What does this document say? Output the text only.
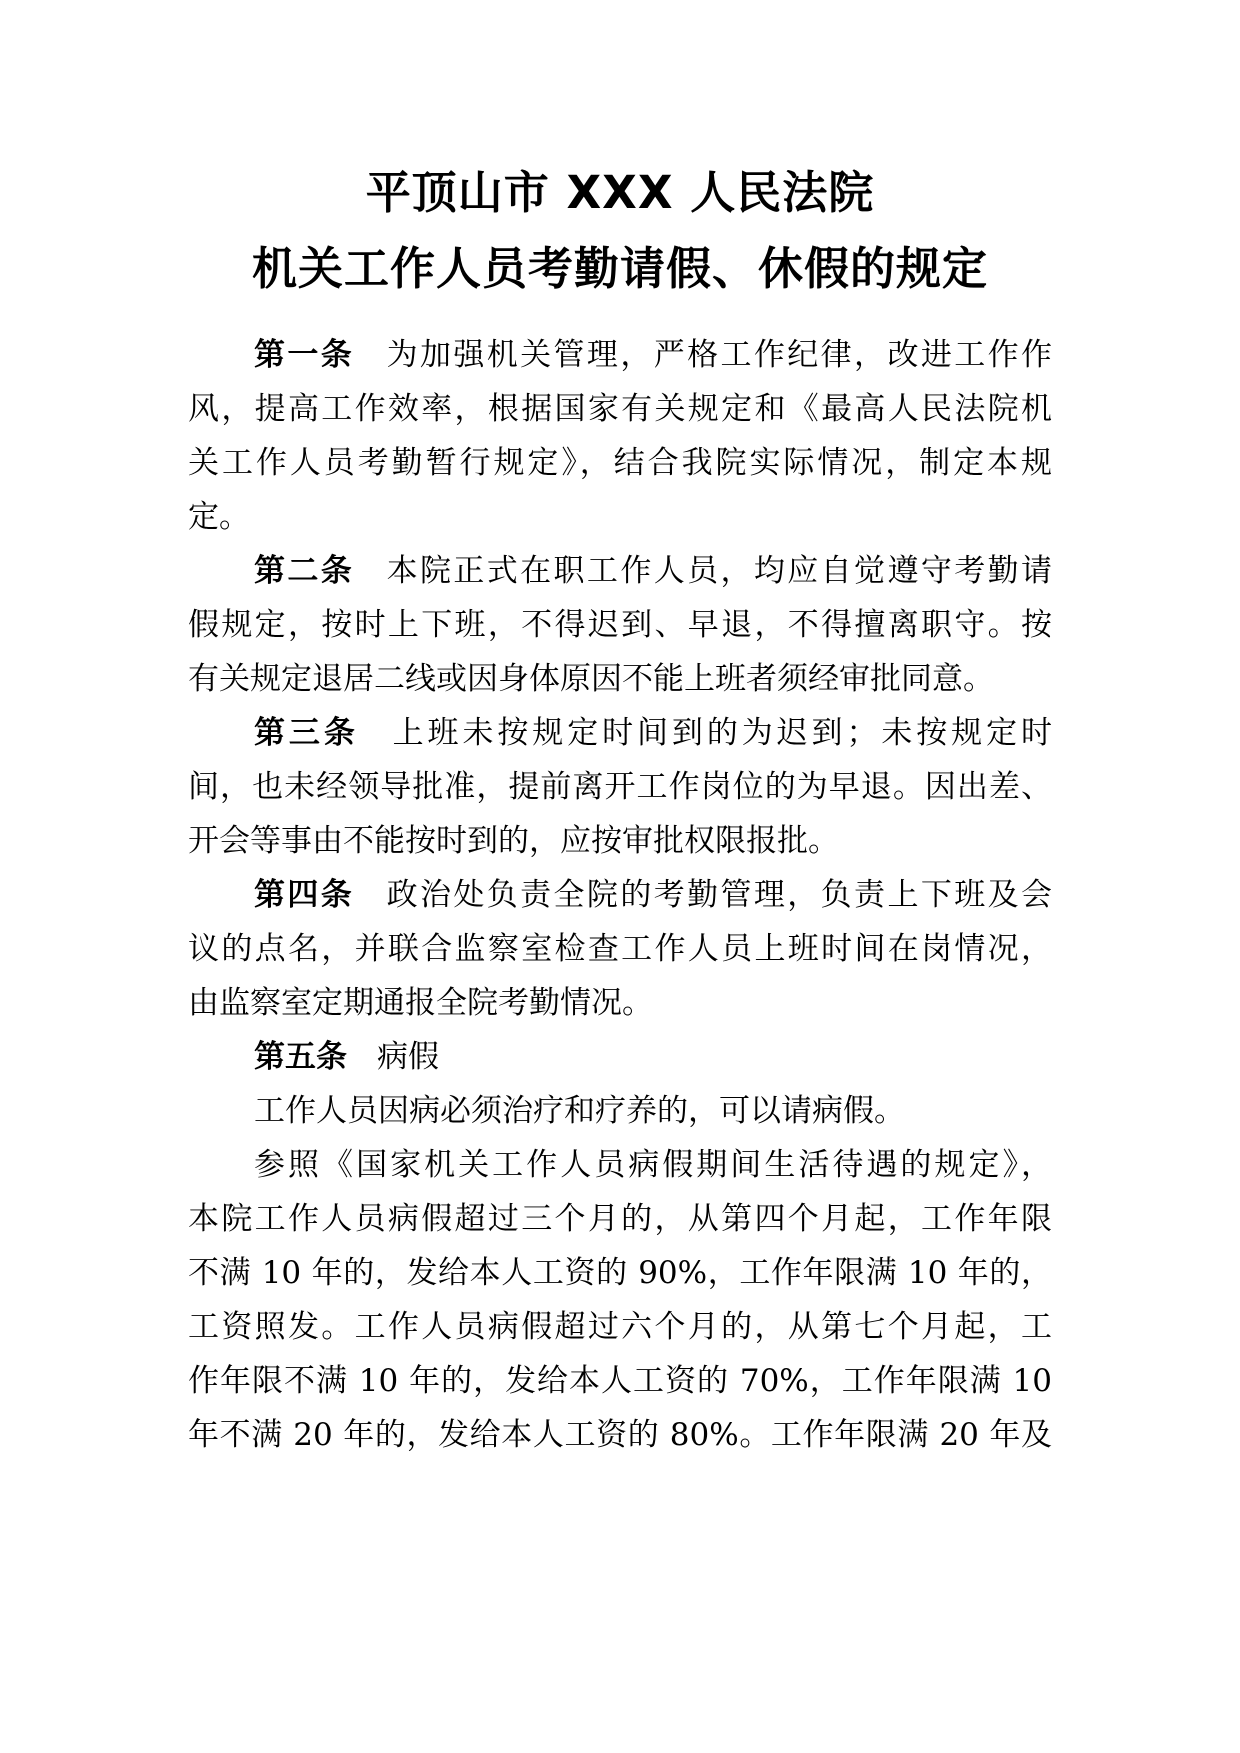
平顶山市 XXX 人民法院
机关工作人员考勤请假、休假的规定
第一条 为加强机关管理，严格工作纪律，改进工作作
风，提高工作效率，根据国家有关规定和《最高人民法院机
关工作人员考勤暂行规定》，结合我院实际情况，制定本规
定。
第二条 本院正式在职工作人员，均应自觉遵守考勤请
假规定，按时上下班，不得迟到、早退，不得擅离职守。按
有关规定退居二线或因身体原因不能上班者须经审批同意。
第三条 上班未按规定时间到的为迟到；未按规定时
间，也未经领导批准，提前离开工作岗位的为早退。因出差、
开会等事由不能按时到的，应按审批权限报批。
第四条 政治处负责全院的考勤管理，负责上下班及会
议的点名，并联合监察室检查工作人员上班时间在岗情况，
由监察室定期通报全院考勤情况。
第五条 病假
工作人员因病必须治疗和疗养的，可以请病假。
参照《国家机关工作人员病假期间生活待遇的规定》，
本院工作人员病假超过三个月的，从第四个月起，工作年限
不满 10 年的，发给本人工资的 90%，工作年限满 10 年的，
工资照发。工作人员病假超过六个月的，从第七个月起，工
作年限不满 10 年的，发给本人工资的 70%，工作年限满 10
年不满 20 年的，发给本人工资的 80%。工作年限满 20 年及
